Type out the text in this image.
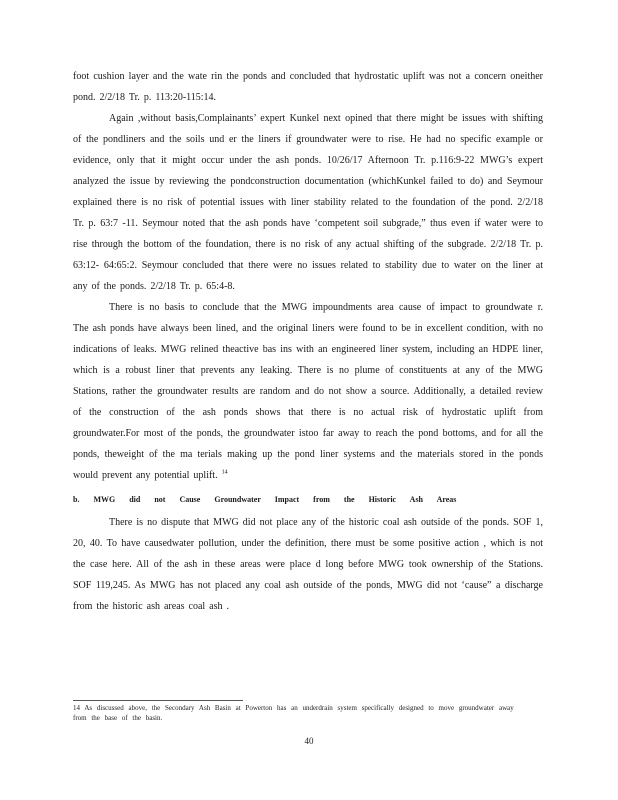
foot cushion layer and the wate rin the ponds and concluded that hydrostatic uplift was not a concern oneither pond. 2/2/18 Tr. p. 113:20-115:14.

Again ,without basis,Complainants’ expert Kunkel next opined that there might be issues with shifting of the pondliners and the soils und er the liners if groundwater were to rise. He had no specific example or evidence, only that it might occur under the ash ponds. 10/26/17 Afternoon Tr. p.116:9-22 MWG’s expert analyzed the issue by reviewing the pondconstruction documentation (whichKunkel failed to do) and Seymour explained there is no risk of potential issues with liner stability related to the foundation of the pond. 2/2/18 Tr. p. 63:7 -11. Seymour noted that the ash ponds have ‘competent soil subgrade,” thus even if water were to rise through the bottom of the foundation, there is no risk of any actual shifting of the subgrade. 2/2/18 Tr. p. 63:12- 64:65:2. Seymour concluded that there were no issues related to stability due to water on the liner at any of the ponds. 2/2/18 Tr. p. 65:4-8.

There is no basis to conclude that the MWG impoundments area cause of impact to groundwate r. The ash ponds have always been lined, and the original liners were found to be in excellent condition, with no indications of leaks. MWG relined theactive bas ins with an engineered liner system, including an HDPE liner, which is a robust liner that prevents any leaking. There is no plume of constituents at any of the MWG Stations, rather the groundwater results are random and do not show a source. Additionally, a detailed review of the construction of the ash ponds shows that there is no actual risk of hydrostatic uplift from groundwater.For most of the ponds, the groundwater istoo far away to reach the pond bottoms, and for all the ponds, theweight of the ma terials making up the pond liner systems and the materials stored in the ponds would prevent any potential uplift. $^{14}$

b. MWG did not Cause Groundwater Impact from the Historic Ash Areas

There is no dispute that MWG did not place any of the historic coal ash outside of the ponds. SOF 1, 20, 40. To have causedwater pollution, under the definition, there must be some positive action , which is not the case here. All of the ash in these areas were place d long before MWG took ownership of the Stations. SOF 119,245. As MWG has not placed any coal ash outside of the ponds, MWG did not ‘cause” a discharge from the historic ash areas coal ash .

14 As discussed above, the Secondary Ash Basin at Powerton has an underdrain system specifically designed to move groundwater away from the base of the basin.
40
